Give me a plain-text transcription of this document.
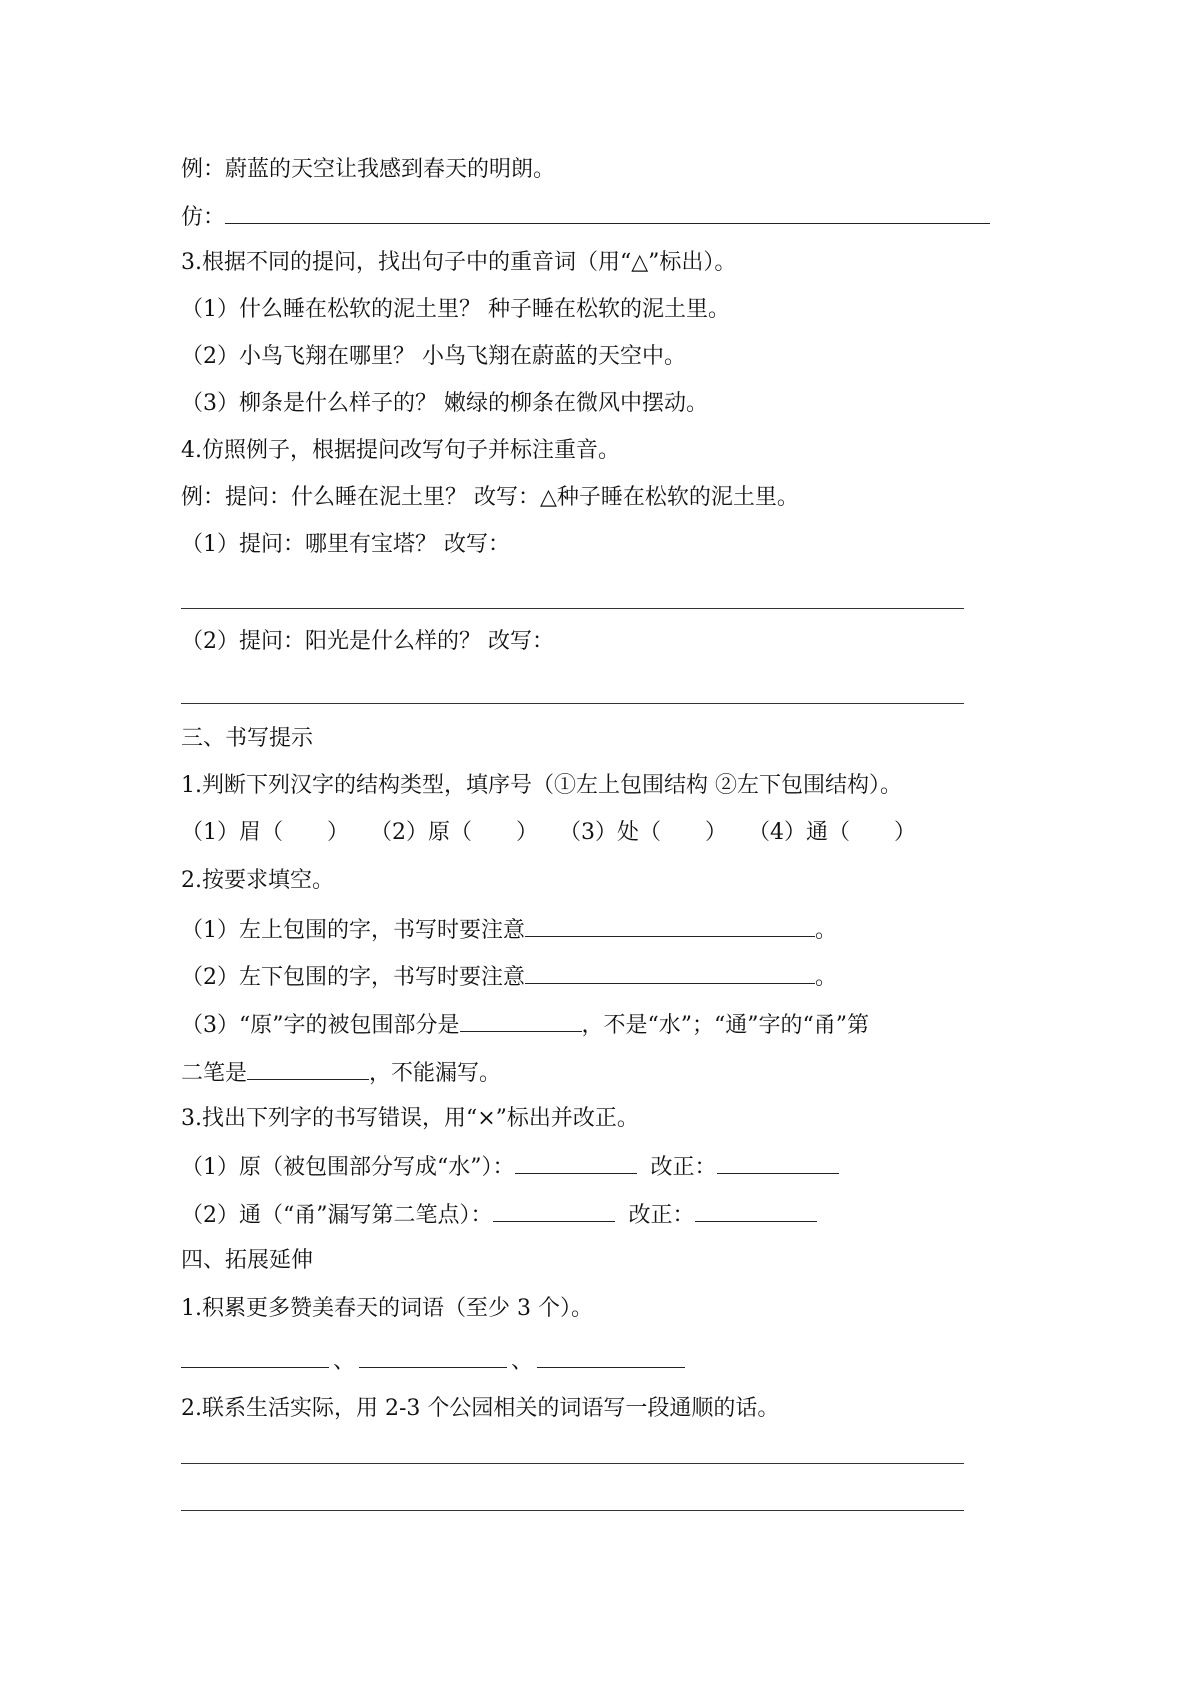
例：蔚蓝的天空让我感到春天的明朗。
仿：
3.根据不同的提问，找出句子中的重音词（用“△”标出）。
（1）什么睡在松软的泥土里？ 种子睡在松软的泥土里。
（2）小鸟飞翔在哪里？ 小鸟飞翔在蔚蓝的天空中。
（3）柳条是什么样子的？ 嫩绿的柳条在微风中摆动。
4.仿照例子，根据提问改写句子并标注重音。
例：提问：什么睡在泥土里？ 改写：△种子睡在松软的泥土里。
（1）提问：哪里有宝塔？ 改写：
（2）提问：阳光是什么样的？ 改写：
三、书写提示
1.判断下列汉字的结构类型，填序号（①左上包围结构 ②左下包围结构）。
（1）眉（　　） （2）原（　　） （3）处（　　） （4）通（　　）
2.按要求填空。
（1）左上包围的字，书写时要注意	。
（2）左下包围的字，书写时要注意	。
（3）“原”字的被包围部分是	，不是“水”；“通”字的“甬”第
二笔是	，不能漏写。
3.找出下列字的书写错误，用“×”标出并改正。
（1）原（被包围部分写成“水”）：	改正：
（2）通（“甬”漏写第二笔点）：	改正：
四、拓展延伸
1.积累更多赞美春天的词语（至少 3 个）。
、	、
2.联系生活实际，用 2-3 个公园相关的词语写一段通顺的话。
